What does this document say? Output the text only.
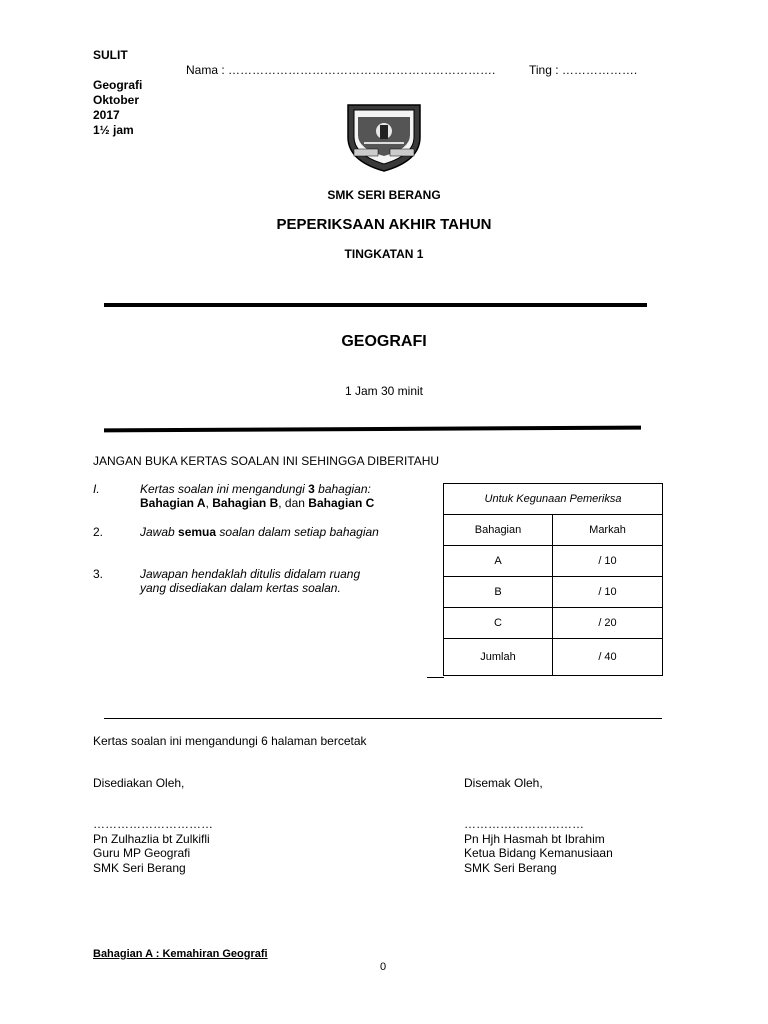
SULIT
Geografi
Oktober
2017
1½ jam
Nama : ………………………………………………………….	Ting : ……………….
SMK SERI BERANG
PEPERIKSAAN AKHIR TAHUN
TINGKATAN 1
GEOGRAFI
1 Jam 30 minit
JANGAN BUKA KERTAS SOALAN INI SEHINGGA DIBERITAHU
I.	Kertas soalan ini mengandungi 3 bahagian:
Bahagian A, Bahagian B, dan Bahagian C
2.	Jawab semua soalan dalam setiap bahagian
3.	Jawapan hendaklah ditulis didalam ruang
yang disediakan dalam kertas soalan.
Untuk Kegunaan Pemeriksa	
Bahagian	Markah
A	/ 10
B	/ 10
C	/ 20
Jumlah	/ 40
Kertas soalan ini mengandungi 6 halaman bercetak
Disediakan Oleh,
…………………………
Pn Zulhazlia bt Zulkifli
Guru MP Geografi
SMK Seri Berang
Disemak Oleh,
…………………………
Pn Hjh Hasmah bt Ibrahim
Ketua Bidang Kemanusiaan
SMK Seri Berang
Bahagian A : Kemahiran Geografi
0
